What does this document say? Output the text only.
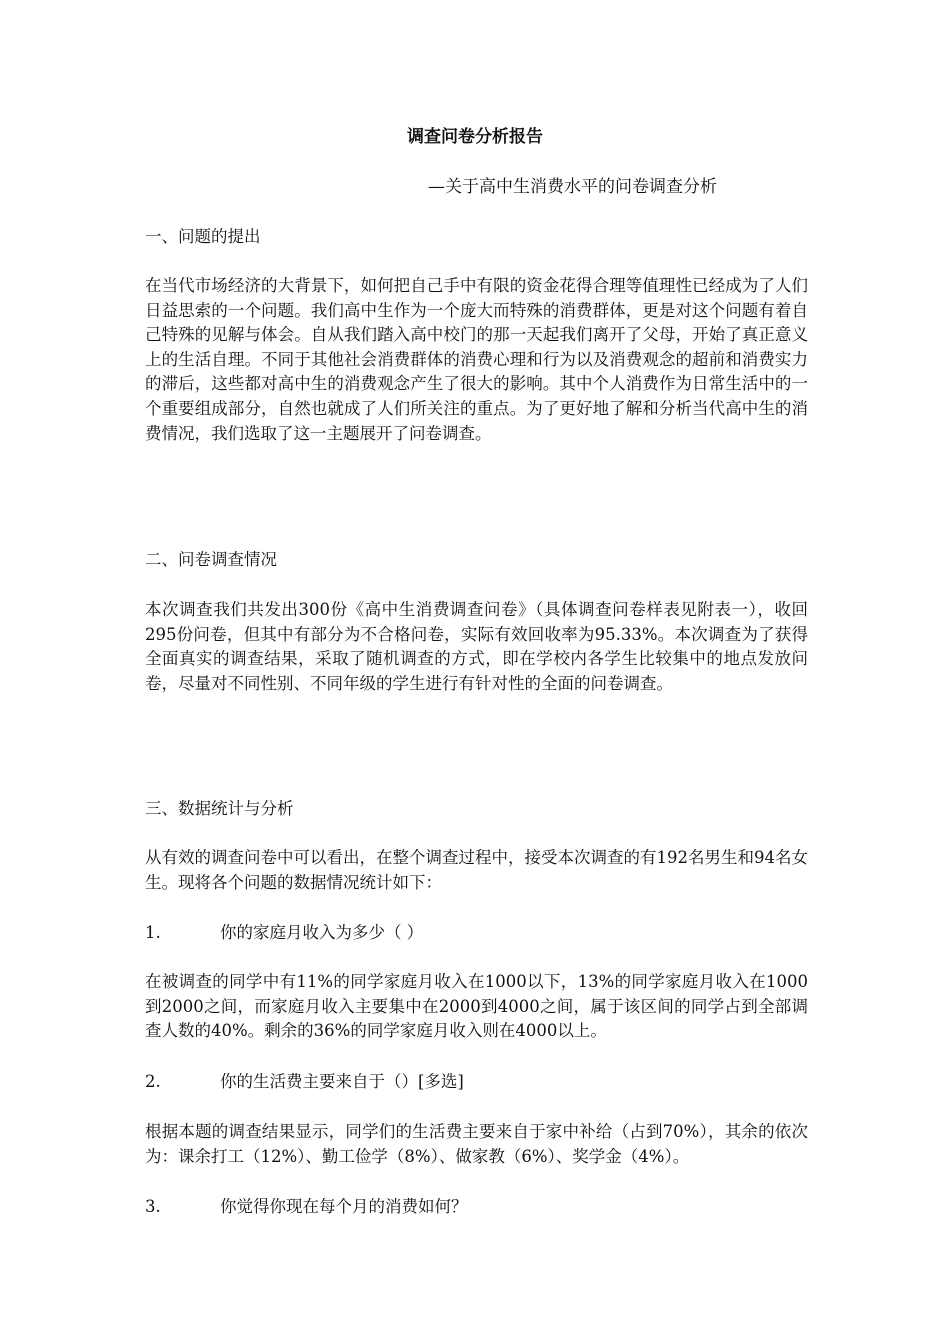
调查问卷分析报告

—关于高中生消费水平的问卷调查分析

一、问题的提出

在当代市场经济的大背景下，如何把自己手中有限的资金花得合理等值理性已经成为了人们日益思索的一个问题。我们高中生作为一个庞大而特殊的消费群体，更是对这个问题有着自己特殊的见解与体会。自从我们踏入高中校门的那一天起我们离开了父母，开始了真正意义上的生活自理。不同于其他社会消费群体的消费心理和行为以及消费观念的超前和消费实力的滞后，这些都对高中生的消费观念产生了很大的影响。其中个人消费作为日常生活中的一个重要组成部分，自然也就成了人们所关注的重点。为了更好地了解和分析当代高中生的消费情况，我们选取了这一主题展开了问卷调查。

二、问卷调查情况

本次调查我们共发出300份《高中生消费调查问卷》（具体调查问卷样表见附表一），收回295份问卷，但其中有部分为不合格问卷，实际有效回收率为95.33%。本次调查为了获得全面真实的调查结果，采取了随机调查的方式，即在学校内各学生比较集中的地点发放问卷，尽量对不同性别、不同年级的学生进行有针对性的全面的问卷调查。

三、数据统计与分析

从有效的调查问卷中可以看出，在整个调查过程中，接受本次调查的有192名男生和94名女生。现将各个问题的数据情况统计如下：

1.	你的家庭月收入为多少（ ）

在被调查的同学中有11%的同学家庭月收入在1000以下，13%的同学家庭月收入在1000到2000之间，而家庭月收入主要集中在2000到4000之间，属于该区间的同学占到全部调查人数的40%。剩余的36%的同学家庭月收入则在4000以上。

2.	你的生活费主要来自于（）[多选]

根据本题的调查结果显示，同学们的生活费主要来自于家中补给（占到70%），其余的依次为：课余打工（12%）、勤工俭学（8%）、做家教（6%）、奖学金（4%）。

3.	你觉得你现在每个月的消费如何？
